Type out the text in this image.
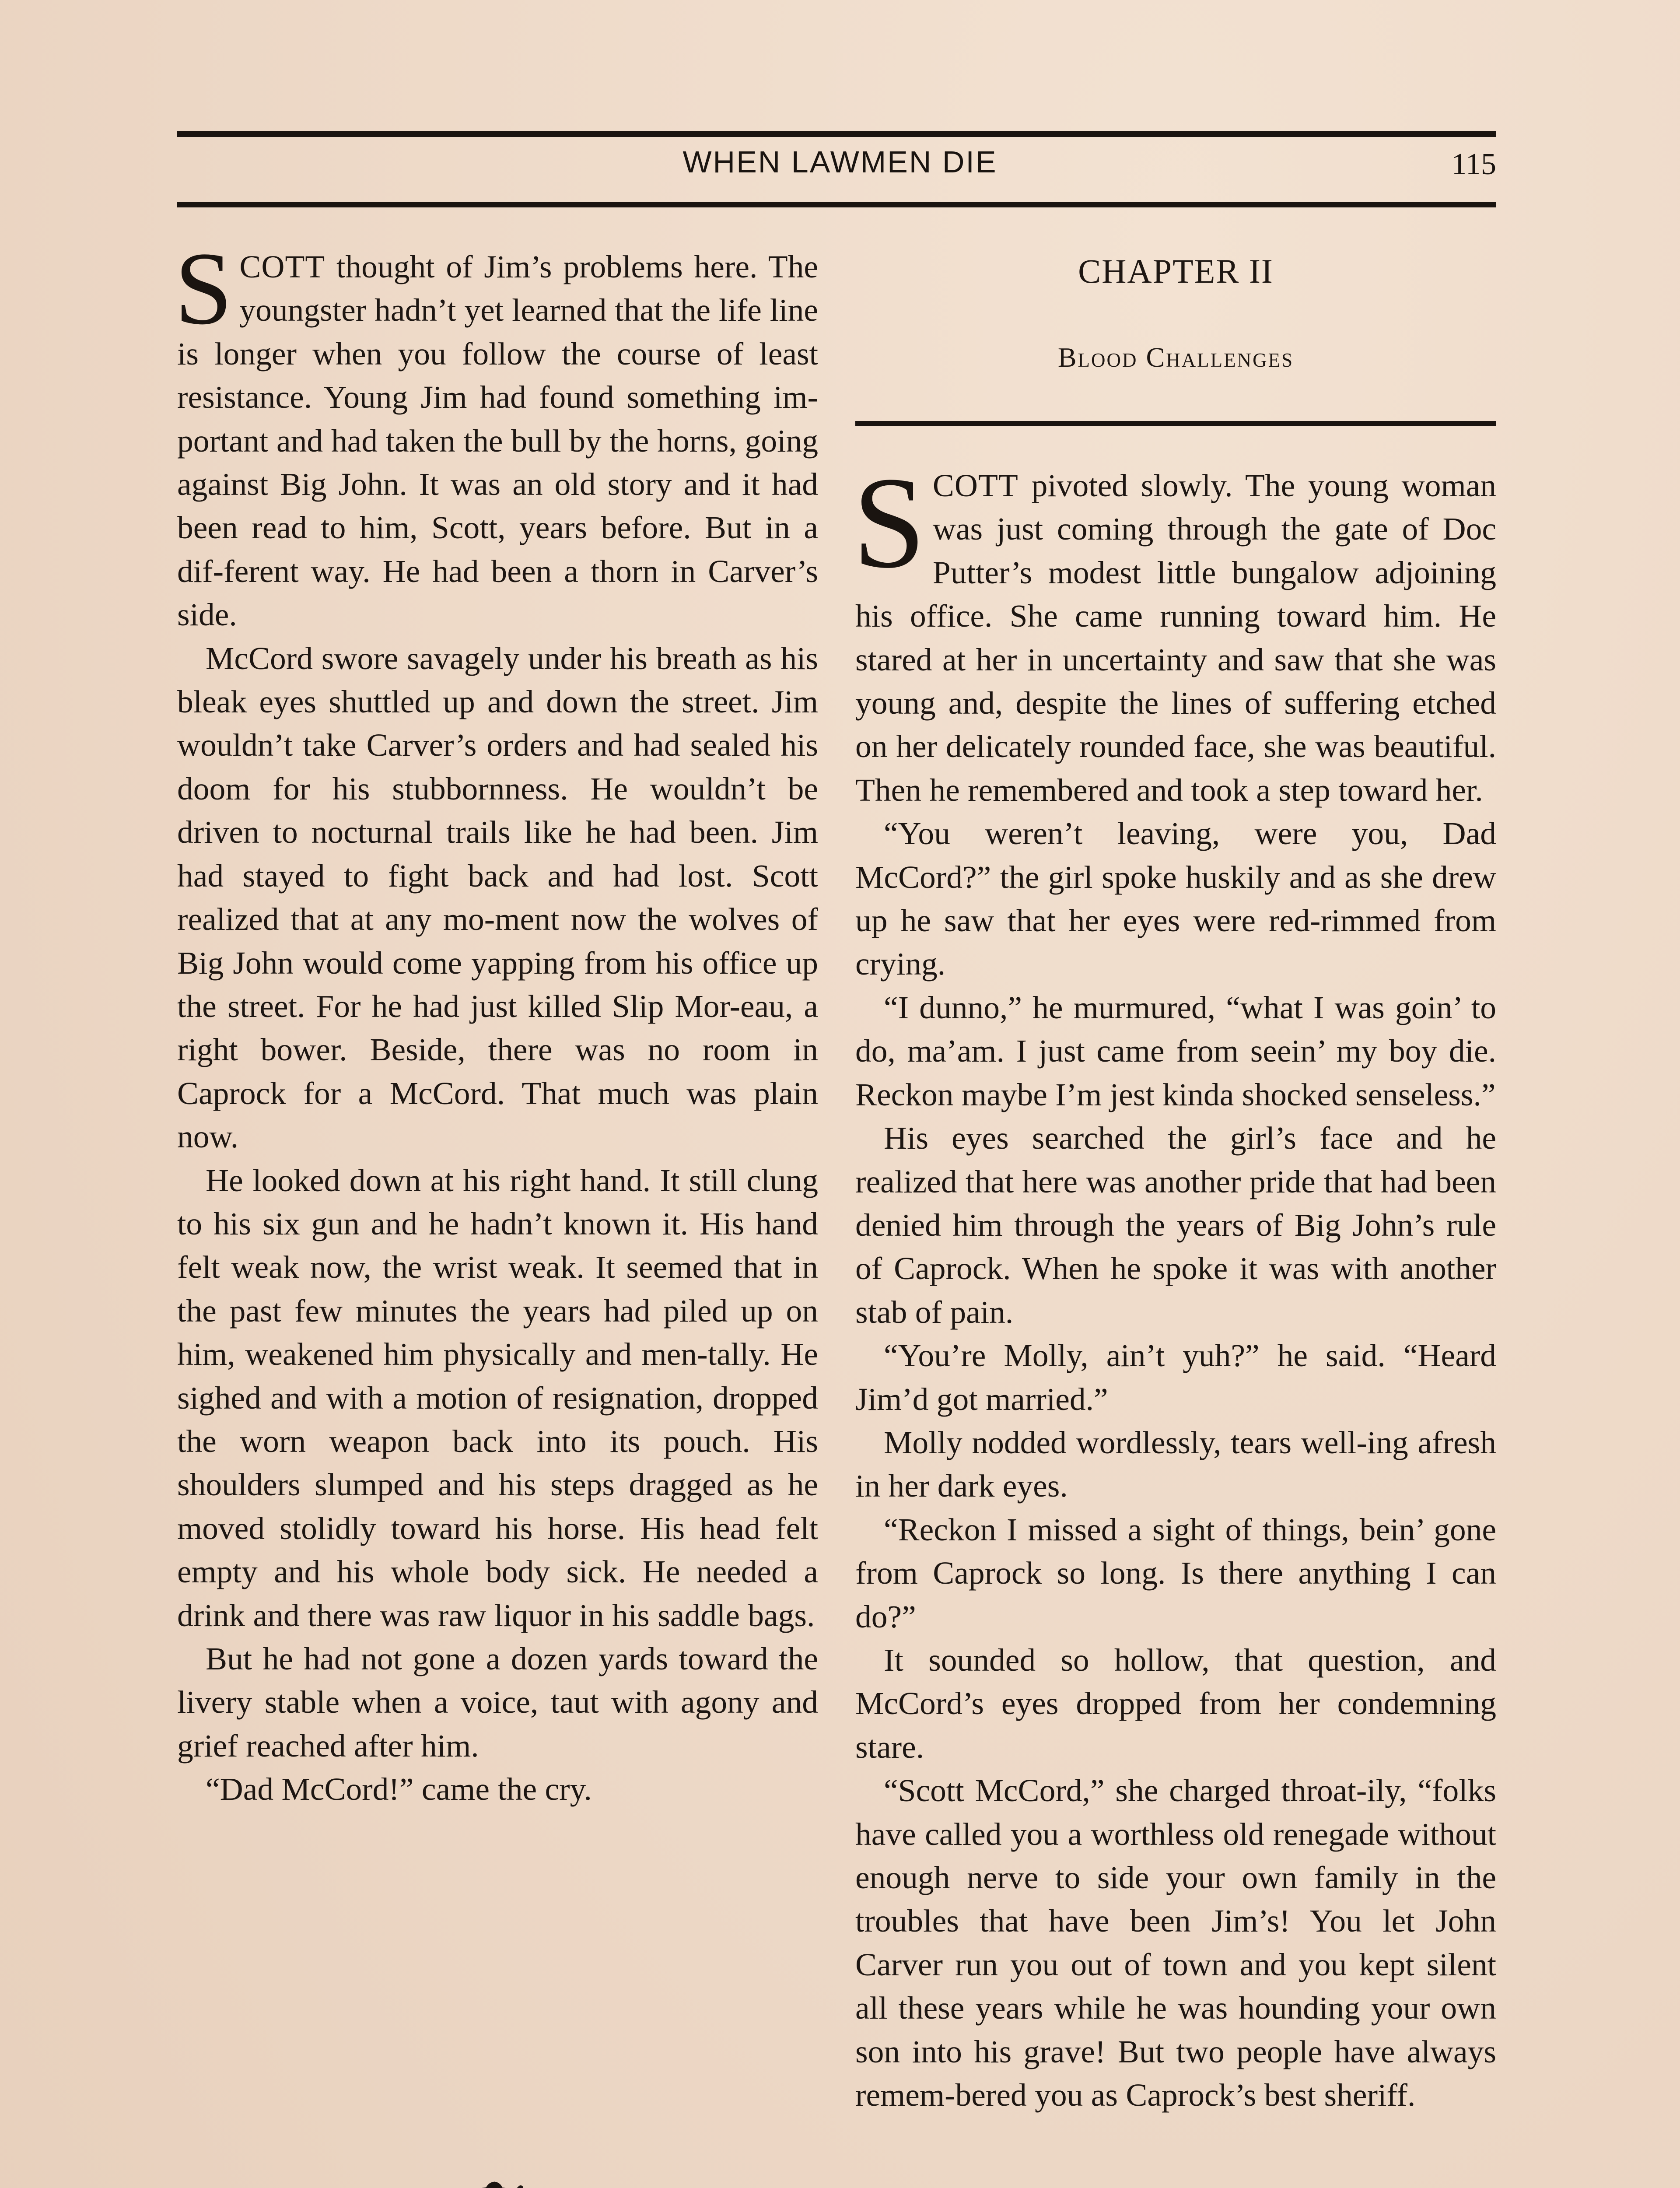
WHEN LAWMEN DIE	115

SCOTT thought of Jim’s problems here. The youngster hadn’t yet learned that the life line is longer when you follow the course of least resistance. Young Jim had found something im-portant and had taken the bull by the horns, going against Big John. It was an old story and it had been read to him, Scott, years before. But in a dif-ferent way. He had been a thorn in Carver’s side.

McCord swore savagely under his breath as his bleak eyes shuttled up and down the street. Jim wouldn’t take Carver’s orders and had sealed his doom for his stubbornness. He wouldn’t be driven to nocturnal trails like he had been. Jim had stayed to fight back and had lost. Scott realized that at any mo-ment now the wolves of Big John would come yapping from his office up the street. For he had just killed Slip Mor-eau, a right bower. Beside, there was no room in Caprock for a McCord. That much was plain now.

He looked down at his right hand. It still clung to his six gun and he hadn’t known it. His hand felt weak now, the wrist weak. It seemed that in the past few minutes the years had piled up on him, weakened him physically and men-tally. He sighed and with a motion of resignation, dropped the worn weapon back into its pouch. His shoulders slumped and his steps dragged as he moved stolidly toward his horse. His head felt empty and his whole body sick. He needed a drink and there was raw liquor in his saddle bags.

But he had not gone a dozen yards toward the livery stable when a voice, taut with agony and grief reached after him.

“Dad McCord!” came the cry.

CHAPTER II
Blood Challenges

SCOTT pivoted slowly. The young woman was just coming through the gate of Doc Putter’s modest little bungalow adjoining his office. She came running toward him. He stared at her in uncertainty and saw that she was young and, despite the lines of suffering etched on her delicately rounded face, she was beautiful. Then he remembered and took a step toward her.

“You weren’t leaving, were you, Dad McCord?” the girl spoke huskily and as she drew up he saw that her eyes were red-rimmed from crying.

“I dunno,” he murmured, “what I was goin’ to do, ma’am. I just came from seein’ my boy die. Reckon maybe I’m jest kinda shocked senseless.”

His eyes searched the girl’s face and he realized that here was another pride that had been denied him through the years of Big John’s rule of Caprock. When he spoke it was with another stab of pain.

“You’re Molly, ain’t yuh?” he said. “Heard Jim’d got married.”

Molly nodded wordlessly, tears well-ing afresh in her dark eyes.

“Reckon I missed a sight of things, bein’ gone from Caprock so long. Is there anything I can do?”

It sounded so hollow, that question, and McCord’s eyes dropped from her condemning stare.

“Scott McCord,” she charged throat-ily, “folks have called you a worthless old renegade without enough nerve to side your own family in the troubles that have been Jim’s! You let John Carver run you out of town and you kept silent all these years while he was hounding your own son into his grave! But two people have always remem-bered you as Caprock’s best sheriff.
